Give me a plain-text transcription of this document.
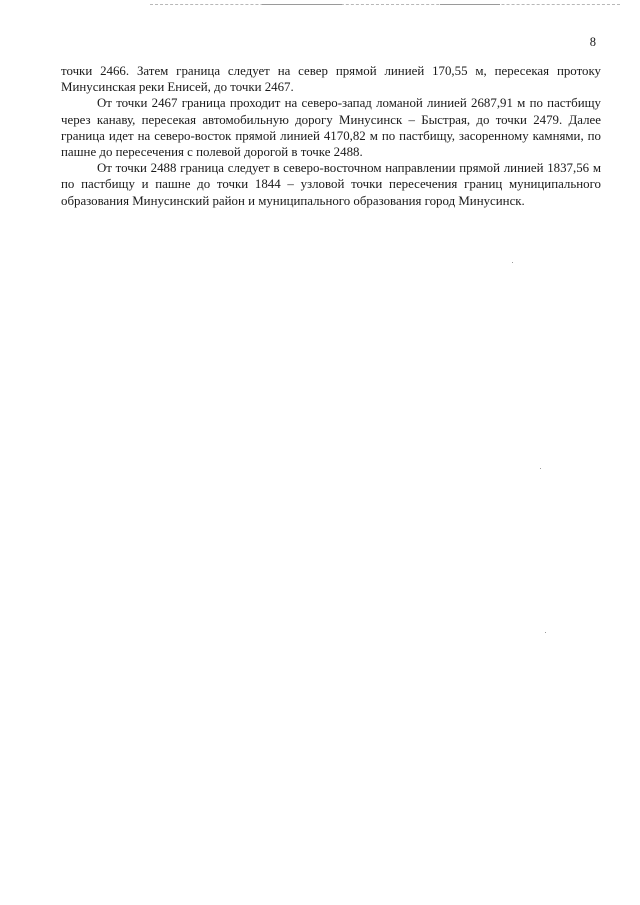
8

точки 2466. Затем граница следует на север прямой линией 170,55 м, пересекая протоку Минусинская реки Енисей, до точки 2467.

От точки 2467 граница проходит на северо-запад ломаной линией 2687,91 м по пастбищу через канаву, пересекая автомобильную дорогу Минусинск – Быстрая, до точки 2479. Далее граница идет на северо-восток прямой линией 4170,82 м по пастбищу, засоренному камнями, по пашне до пересечения с полевой дорогой в точке 2488.

От точки 2488 граница следует в северо-восточном направлении прямой линией 1837,56 м по пастбищу и пашне до точки 1844 – узловой точки пересечения границ муниципального образования Минусинский район и муниципального образования город Минусинск.
